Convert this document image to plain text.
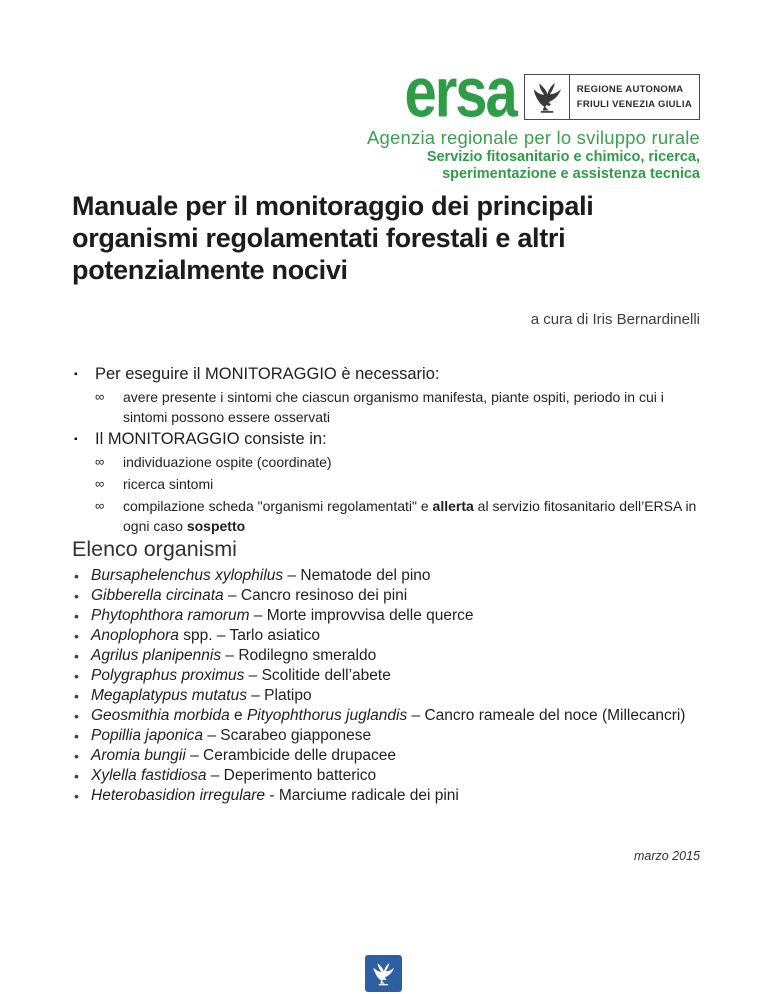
ersa	REGIONE AUTONOMA
FRIULI VENEZIA GIULIA
Agenzia regionale per lo sviluppo rurale
Servizio fitosanitario e chimico, ricerca,
sperimentazione e assistenza tecnica
Manuale per il monitoraggio dei principali organismi regolamentati forestali e altri potenzialmente nocivi
a cura di Iris Bernardinelli
▪	Per eseguire il MONITORAGGIO è necessario:
∞	avere presente i sintomi che ciascun organismo manifesta, piante ospiti, periodo in cui i sintomi possono essere osservati
▪	Il MONITORAGGIO consiste in:
∞	individuazione ospite (coordinate)
∞	ricerca sintomi
∞	compilazione scheda "organismi regolamentati" e allerta al servizio fitosanitario dell’ERSA in ogni caso sospetto
Elenco organismi
• Bursaphelenchus xylophilus – Nematode del pino
• Gibberella circinata – Cancro resinoso dei pini
• Phytophthora ramorum – Morte improvvisa delle querce
• Anoplophora spp. – Tarlo asiatico
• Agrilus planipennis – Rodilegno smeraldo
• Polygraphus proximus – Scolitide dell’abete
• Megaplatypus mutatus – Platipo
• Geosmithia morbida e Pityophthorus juglandis – Cancro rameale del noce (Millecancri)
• Popillia japonica – Scarabeo giapponese
• Aromia bungii – Cerambicide delle drupacee
• Xylella fastidiosa – Deperimento batterico
• Heterobasidion irregulare - Marciume radicale dei pini
marzo 2015
